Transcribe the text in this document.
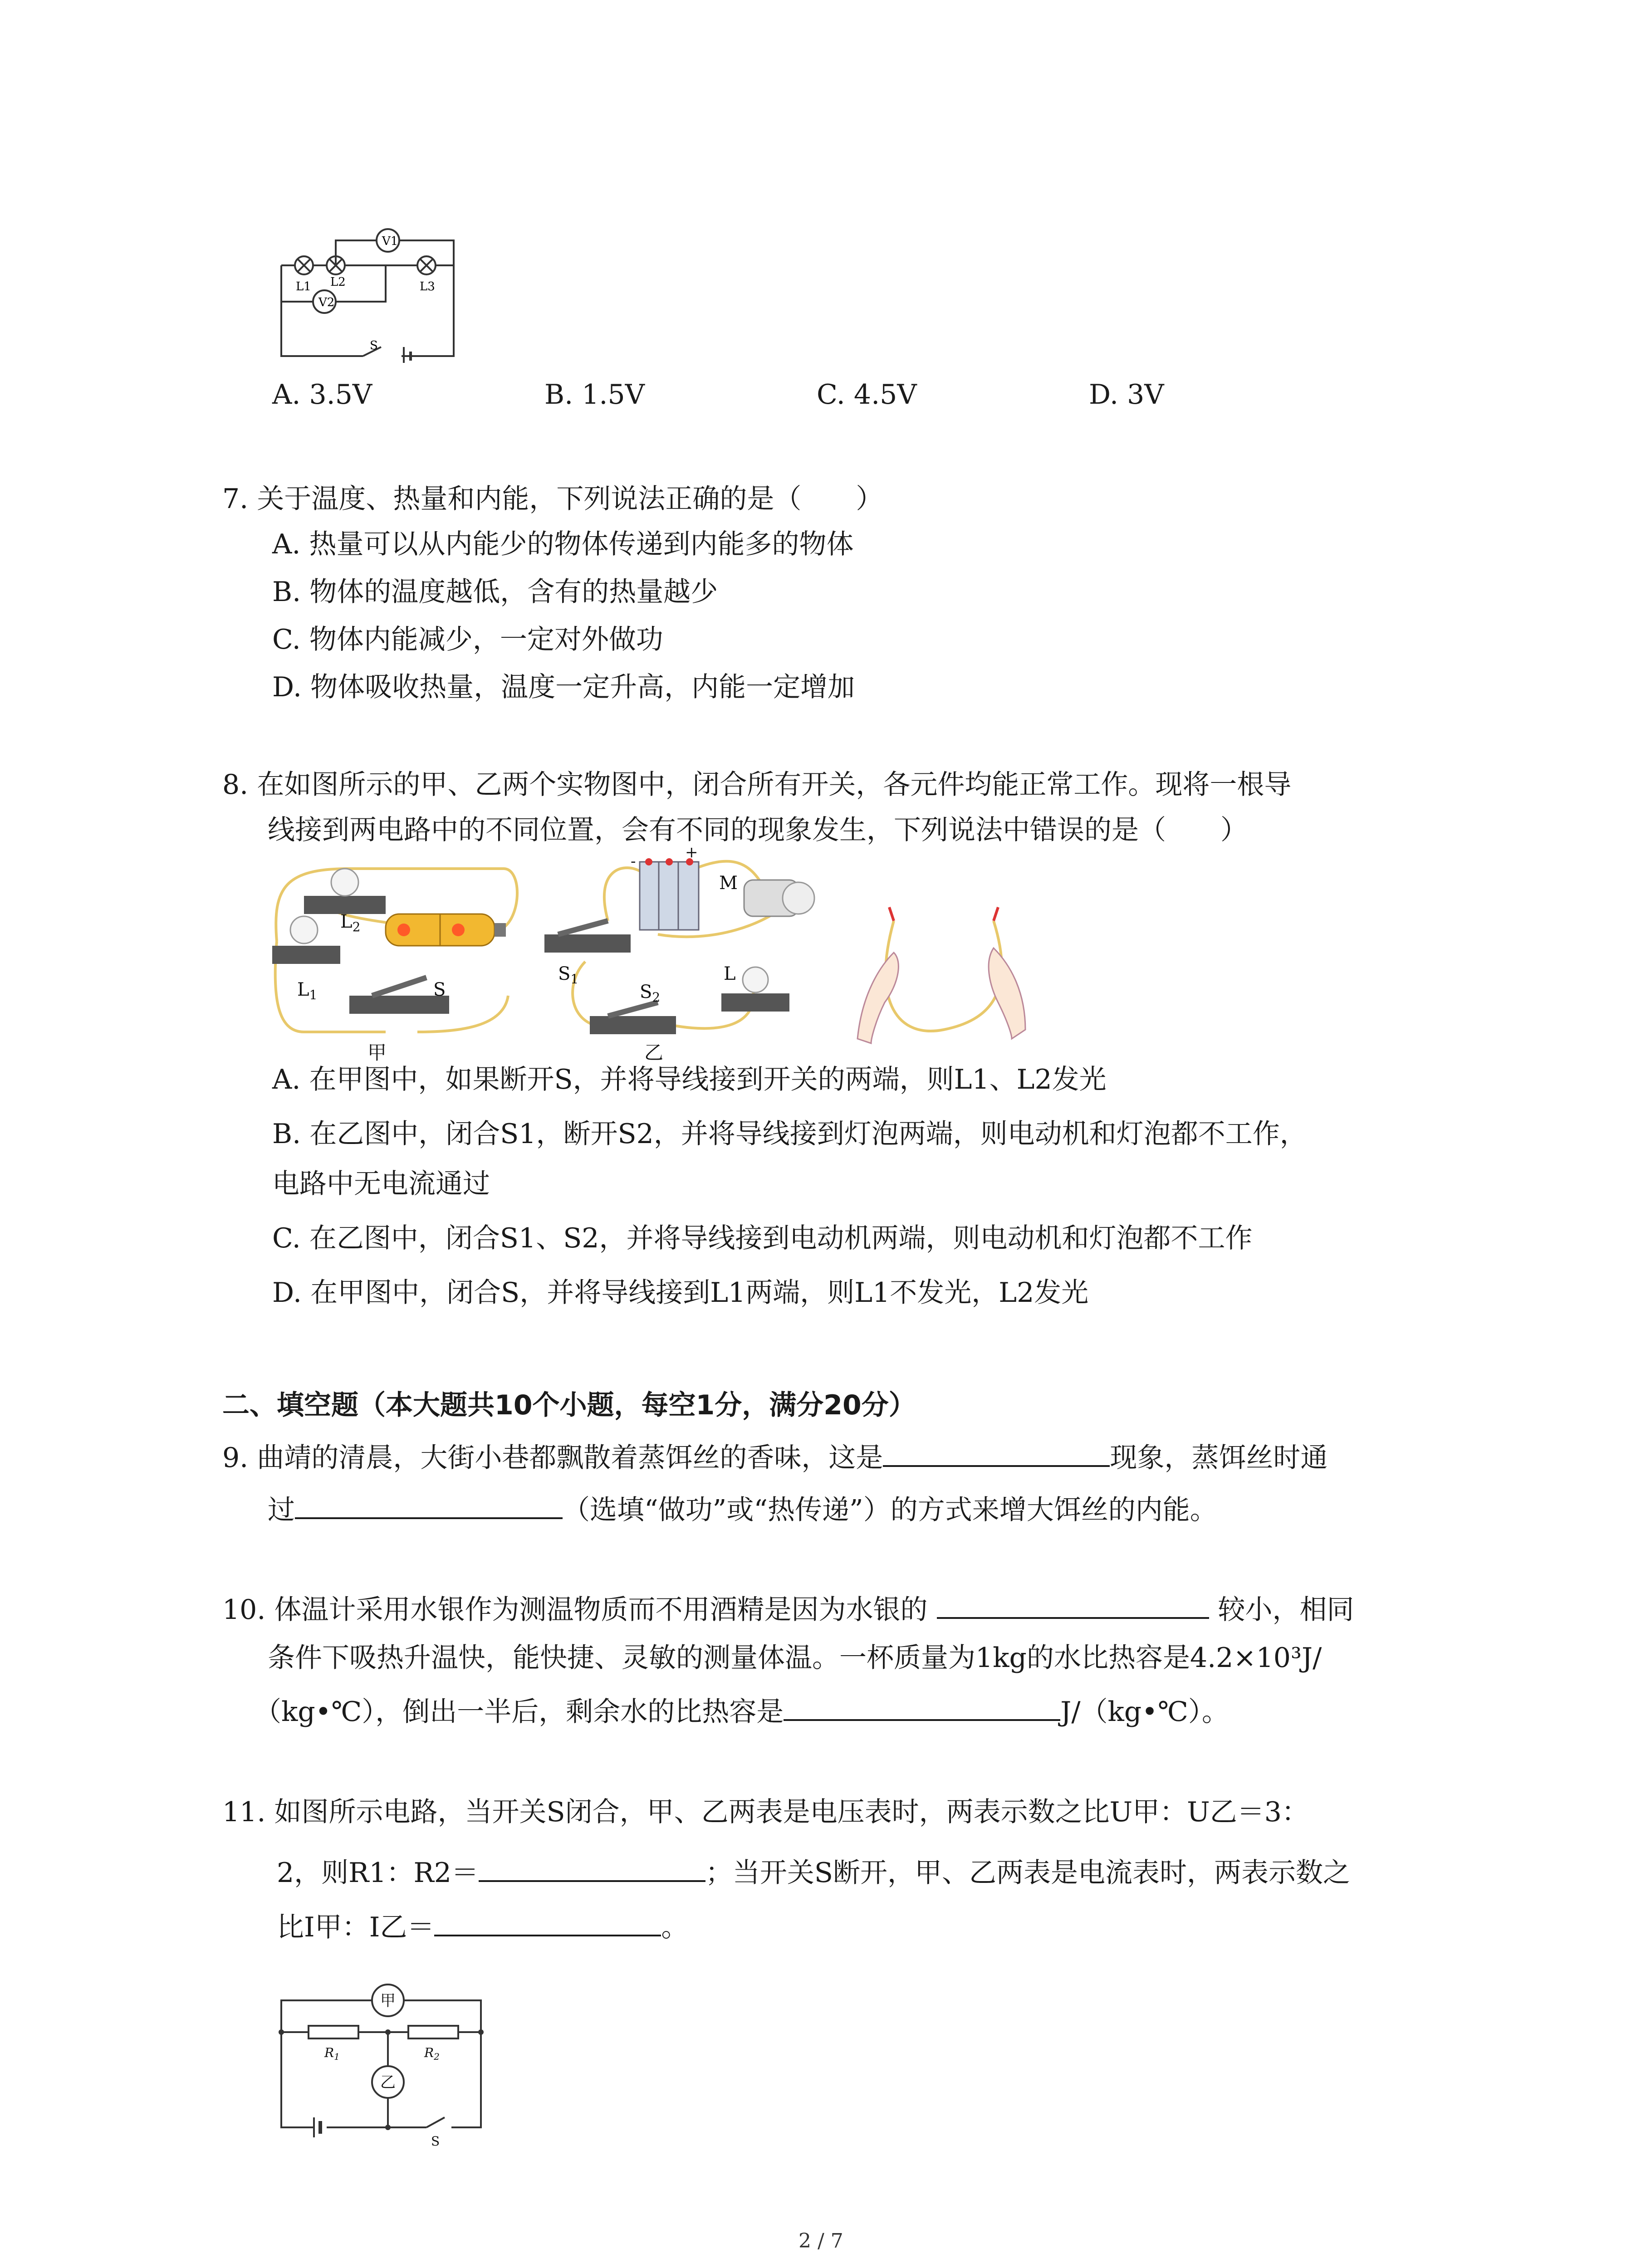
V1
V2
L1 L2	L3
S
A. 3.5V	B. 1.5V	C. 4.5V	D. 3V
7. 关于温度、热量和内能，下列说法正确的是（　　）
A. 热量可以从内能少的物体传递到内能多的物体
B. 物体的温度越低，含有的热量越少
C. 物体内能减少，一定对外做功
D. 物体吸收热量，温度一定升高，内能一定增加
8. 在如图所示的甲、乙两个实物图中，闭合所有开关，各元件均能正常工作。现将一根导
线接到两电路中的不同位置，会有不同的现象发生，下列说法中错误的是（　　）
$L_2$
$L_1$	S
甲
-	+
M
$S_1$
$S_2$
L
乙
A. 在甲图中，如果断开S，并将导线接到开关的两端，则L1、L2发光
B. 在乙图中，闭合S1，断开S2，并将导线接到灯泡两端，则电动机和灯泡都不工作，
电路中无电流通过
C. 在乙图中，闭合S1、S2，并将导线接到电动机两端，则电动机和灯泡都不工作
D. 在甲图中，闭合S，并将导线接到L1两端，则L1不发光，L2发光
二、填空题（本大题共10个小题，每空1分，满分20分）
9. 曲靖的清晨，大街小巷都飘散着蒸饵丝的香味，这是	现象，蒸饵丝时通
过	（选填“做功”或“热传递”）的方式来增大饵丝的内能。
10. 体温计采用水银作为测温物质而不用酒精是因为水银的	较小，相同
条件下吸热升温快，能快捷、灵敏的测量体温。一杯质量为1kg的水比热容是4.2×10³J/
（kg•℃），倒出一半后，剩余水的比热容是	J/（kg•℃）。
11. 如图所示电路，当开关S闭合，甲、乙两表是电压表时，两表示数之比U甲：U乙＝3：
2，则R1：R2＝	；当开关S断开，甲、乙两表是电流表时，两表示数之
比I甲：I乙＝	。
甲
乙
$R_1$	$R_2$
S
2 / 7
